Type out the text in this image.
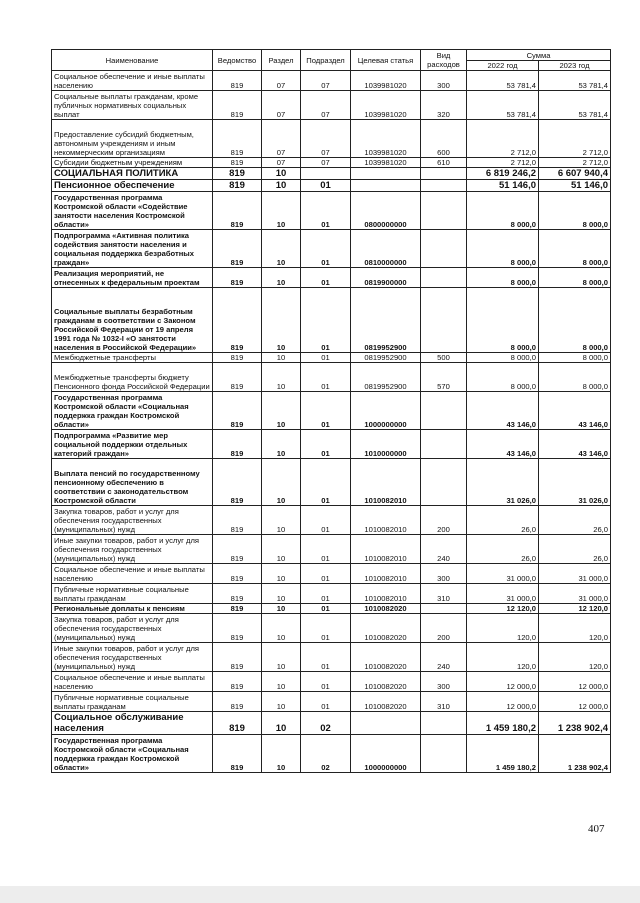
Наименование	Ведомство	Раздел	Подраздел	Целевая статья	Вид расходов	Сумма	
						2022 год	2023 год
Социальное обеспечение и иные выплаты населению	819	07	07	1039981020	300	53 781,4	53 781,4
Социальные выплаты гражданам, кроме публичных нормативных социальных выплат	819	07	07	1039981020	320	53 781,4	53 781,4
Предоставление субсидий бюджетным, автономным учреждениям и иным некоммерческим организациям	819	07	07	1039981020	600	2 712,0	2 712,0
Субсидии бюджетным учреждениям	819	07	07	1039981020	610	2 712,0	2 712,0
СОЦИАЛЬНАЯ ПОЛИТИКА	819	10				6 819 246,2	6 607 940,4
Пенсионное обеспечение	819	10	01			51 146,0	51 146,0
Государственная программа Костромской области «Содействие занятости населения Костромской области»	819	10	01	0800000000		8 000,0	8 000,0
Подпрограмма «Активная политика содействия занятости населения и социальная поддержка безработных граждан»	819	10	01	0810000000		8 000,0	8 000,0
Реализация мероприятий, не отнесенных к федеральным проектам	819	10	01	0819900000		8 000,0	8 000,0
Социальные выплаты безработным гражданам в соответствии с Законом Российской Федерации от 19 апреля 1991 года № 1032-I «О занятости населения в Российской Федерации»	819	10	01	0819952900		8 000,0	8 000,0
Межбюджетные трансферты	819	10	01	0819952900	500	8 000,0	8 000,0
Межбюджетные трансферты бюджету Пенсионного фонда Российской Федерации	819	10	01	0819952900	570	8 000,0	8 000,0
Государственная программа Костромской области «Социальная поддержка граждан Костромской области»	819	10	01	1000000000		43 146,0	43 146,0
Подпрограмма «Развитие мер социальной поддержки отдельных категорий граждан»	819	10	01	1010000000		43 146,0	43 146,0
Выплата пенсий по государственному пенсионному обеспечению в соответствии с законодательством Костромской области	819	10	01	1010082010		31 026,0	31 026,0
Закупка товаров, работ и услуг для обеспечения государственных (муниципальных) нужд	819	10	01	1010082010	200	26,0	26,0
Иные закупки товаров, работ и услуг для обеспечения государственных (муниципальных) нужд	819	10	01	1010082010	240	26,0	26,0
Социальное обеспечение и иные выплаты населению	819	10	01	1010082010	300	31 000,0	31 000,0
Публичные нормативные социальные выплаты гражданам	819	10	01	1010082010	310	31 000,0	31 000,0
Региональные доплаты к пенсиям	819	10	01	1010082020		12 120,0	12 120,0
Закупка товаров, работ и услуг для обеспечения государственных (муниципальных) нужд	819	10	01	1010082020	200	120,0	120,0
Иные закупки товаров, работ и услуг для обеспечения государственных (муниципальных) нужд	819	10	01	1010082020	240	120,0	120,0
Социальное обеспечение и иные выплаты населению	819	10	01	1010082020	300	12 000,0	12 000,0
Публичные нормативные социальные выплаты гражданам	819	10	01	1010082020	310	12 000,0	12 000,0
Социальное обслуживание населения	819	10	02			1 459 180,2	1 238 902,4
Государственная программа Костромской области «Социальная поддержка граждан Костромской области»	819	10	02	1000000000		1 459 180,2	1 238 902,4
407
